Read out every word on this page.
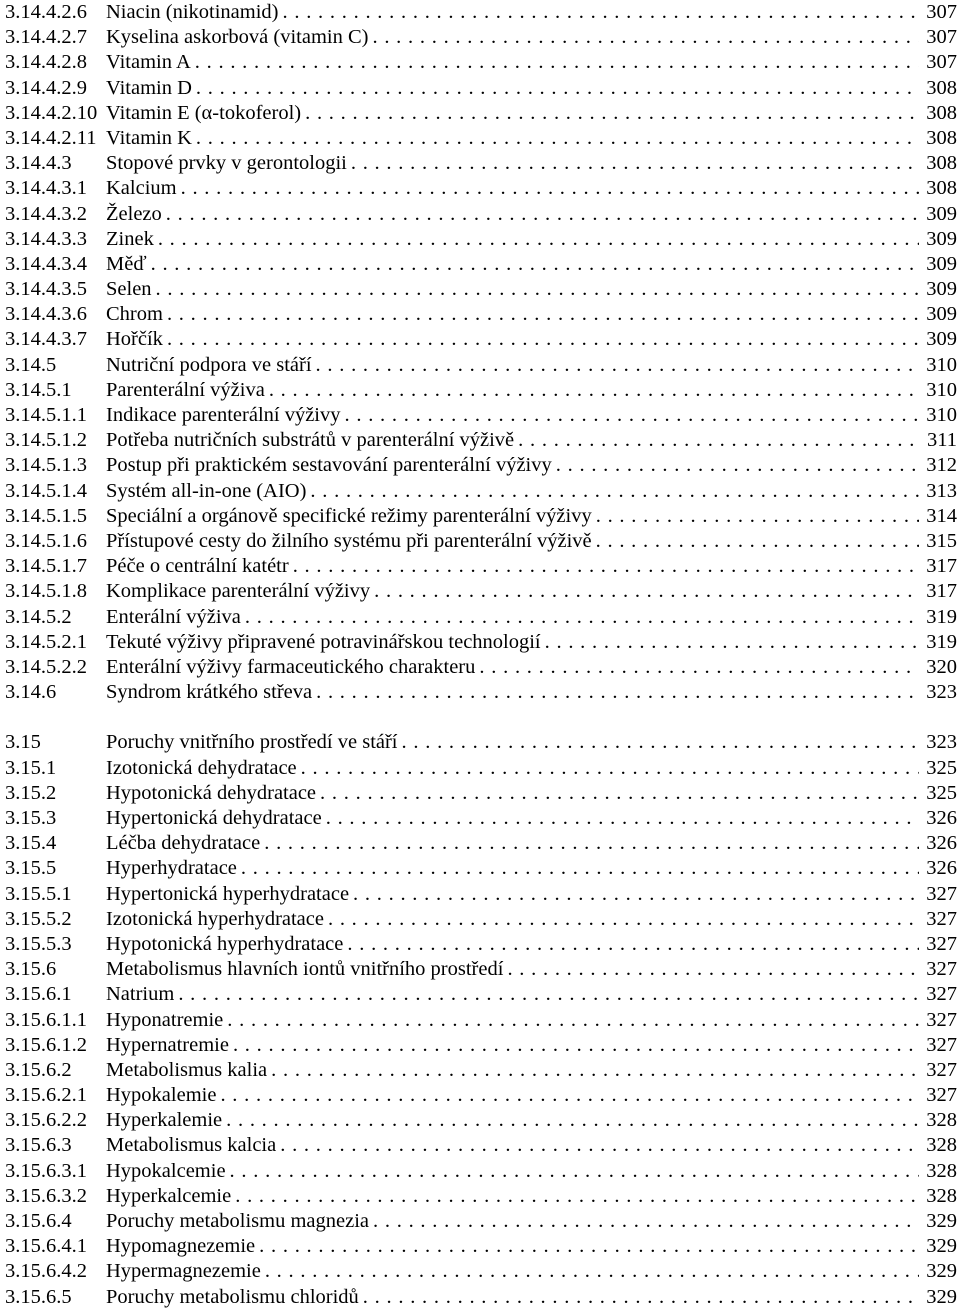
3.14.4.2.6 Niacin (nikotinamid) . . .	307
3.14.4.2.7 Kyselina askorbová (vitamin C) . . .	307
3.14.4.2.8 Vitamin A . . .	307
3.14.4.2.9 Vitamin D . . .	308
3.14.4.2.10 Vitamin E (α-tokoferol) . . .	308
3.14.4.2.11 Vitamin K . . .	308
3.14.4.3	Stopové prvky v gerontologii . . .	308
3.14.4.3.1 Kalcium . . .	308
3.14.4.3.2 Železo . . .	309
3.14.4.3.3 Zinek . . .	309
3.14.4.3.4 Měď . . .	309
3.14.4.3.5 Selen . . .	309
3.14.4.3.6 Chrom . . .	309
3.14.4.3.7 Hořčík . . .	309
3.14.5	Nutriční podpora ve stáří . . .	310
3.14.5.1	Parenterální výživa . . .	310
3.14.5.1.1 Indikace parenterální výživy . . .	310
3.14.5.1.2 Potřeba nutričních substrátů v parenterální výživě . . .	311
3.14.5.1.3 Postup při praktickém sestavování parenterální výživy . . .	312
3.14.5.1.4 Systém all-in-one (AIO) . . .	313
3.14.5.1.5 Speciální a orgánově specifické režimy parenterální výživy . . .	314
3.14.5.1.6 Přístupové cesty do žilního systému při parenterální výživě . . .	315
3.14.5.1.7 Péče o centrální katétr . . .	317
3.14.5.1.8 Komplikace parenterální výživy . . .	317
3.14.5.2	Enterální výživa . . .	319
3.14.5.2.1 Tekuté výživy připravené potravinářskou technologií . . .	319
3.14.5.2.2 Enterální výživy farmaceutického charakteru . . .	320
3.14.6	Syndrom krátkého střeva . . .	323
3.15	Poruchy vnitřního prostředí ve stáří . . .	323
3.15.1	Izotonická dehydratace . . .	325
3.15.2	Hypotonická dehydratace . . .	325
3.15.3	Hypertonická dehydratace . . .	326
3.15.4	Léčba dehydratace . . .	326
3.15.5	Hyperhydratace . . .	326
3.15.5.1	Hypertonická hyperhydratace . . .	327
3.15.5.2	Izotonická hyperhydratace . . .	327
3.15.5.3	Hypotonická hyperhydratace . . .	327
3.15.6	Metabolismus hlavních iontů vnitřního prostředí . . .	327
3.15.6.1	Natrium . . .	327
3.15.6.1.1 Hyponatremie . . .	327
3.15.6.1.2 Hypernatremie . . .	327
3.15.6.2	Metabolismus kalia . . .	327
3.15.6.2.1 Hypokalemie . . .	327
3.15.6.2.2 Hyperkalemie . . .	328
3.15.6.3	Metabolismus kalcia . . .	328
3.15.6.3.1 Hypokalcemie . . .	328
3.15.6.3.2 Hyperkalcemie . . .	328
3.15.6.4	Poruchy metabolismu magnezia . . .	329
3.15.6.4.1 Hypomagnezemie . . .	329
3.15.6.4.2 Hypermagnezemie . . .	329
3.15.6.5	Poruchy metabolismu chloridů . . .	329
